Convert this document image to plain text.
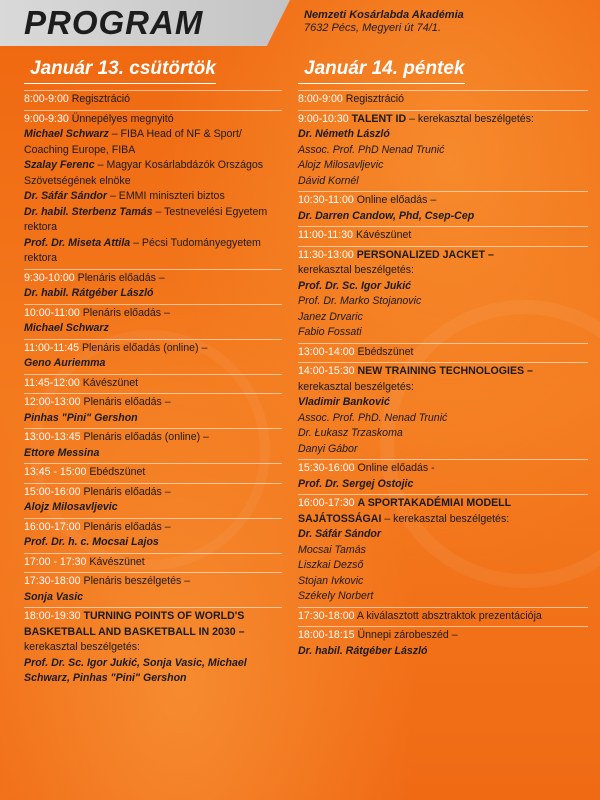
PROGRAM	Nemzeti Kosárlabda Akadémia
7632 Pécs, Megyeri út 74/1.
Január 13. csütörtök
8:00-9:00 Regisztráció
9:00-9:30 Ünnepélyes megnyitó
Michael Schwarz – FIBA Head of NF & Sport/ Coaching Europe, FIBA
Szalay Ferenc – Magyar Kosárlabdázók Országos Szövetségének elnöke
Dr. Sáfár Sándor – EMMI miniszteri biztos
Dr. habil. Sterbenz Tamás – Testnevelési Egyetem rektora
Prof. Dr. Miseta Attila – Pécsi Tudományegyetem rektora
9:30-10:00 Plenáris előadás –
Dr. habil. Rátgéber László
10:00-11:00 Plenáris előadás –
Michael Schwarz
11:00-11:45 Plenáris előadás (online) –
Geno Auriemma
11:45-12:00 Kávészünet
12:00-13:00 Plenáris előadás –
Pinhas "Pini" Gershon
13:00-13:45 Plenáris előadás (online) –
Ettore Messina
13:45 - 15:00 Ebédszünet
15:00-16:00 Plenáris előadás –
Alojz Milosavljevic
16:00-17:00 Plenáris előadás –
Prof. Dr. h. c. Mocsai Lajos
17:00 - 17:30 Kávészünet
17:30-18:00 Plenáris beszélgetés –
Sonja Vasic
18:00-19:30 TURNING POINTS OF WORLD'S BASKETBALL AND BASKETBALL IN 2030 –
kerekasztal beszélgetés:
Prof. Dr. Sc. Igor Jukić, Sonja Vasic, Michael Schwarz, Pinhas "Pini" Gershon
Január 14. péntek
8:00-9:00 Regisztráció
9:00-10:30 TALENT ID – kerekasztal beszélgetés:
Dr. Németh László
Assoc. Prof. PhD Nenad Trunić
Alojz Milosavljevic
Dávid Kornél
10:30-11:00 Online előadás –
Dr. Darren Candow, Phd, Csep-Cep
11:00-11:30 Kávészünet
11:30-13:00 PERSONALIZED JACKET –
kerekasztal beszélgetés:
Prof. Dr. Sc. Igor Jukić
Prof. Dr. Marko Stojanovic
Janez Drvaric
Fabio Fossati
13:00-14:00 Ebédszünet
14:00-15:30 NEW TRAINING TECHNOLOGIES –
kerekasztal beszélgetés:
Vladimir Banković
Assoc. Prof. PhD. Nenad Trunić
Dr. Łukasz Trzaskoma
Danyi Gábor
15:30-16:00 Online előadás -
Prof. Dr. Sergej Ostojic
16:00-17:30 A SPORTAKADÉMIAI MODELL SAJÁTOSSÁGAI – kerekasztal beszélgetés:
Dr. Sáfár Sándor
Mocsai Tamás
Liszkai Dezső
Stojan Ivkovic
Székely Norbert
17:30-18:00 A kiválasztott absztraktok prezentációja
18:00-18:15 Ünnepi zárobeszéd –
Dr. habil. Rátgéber László
